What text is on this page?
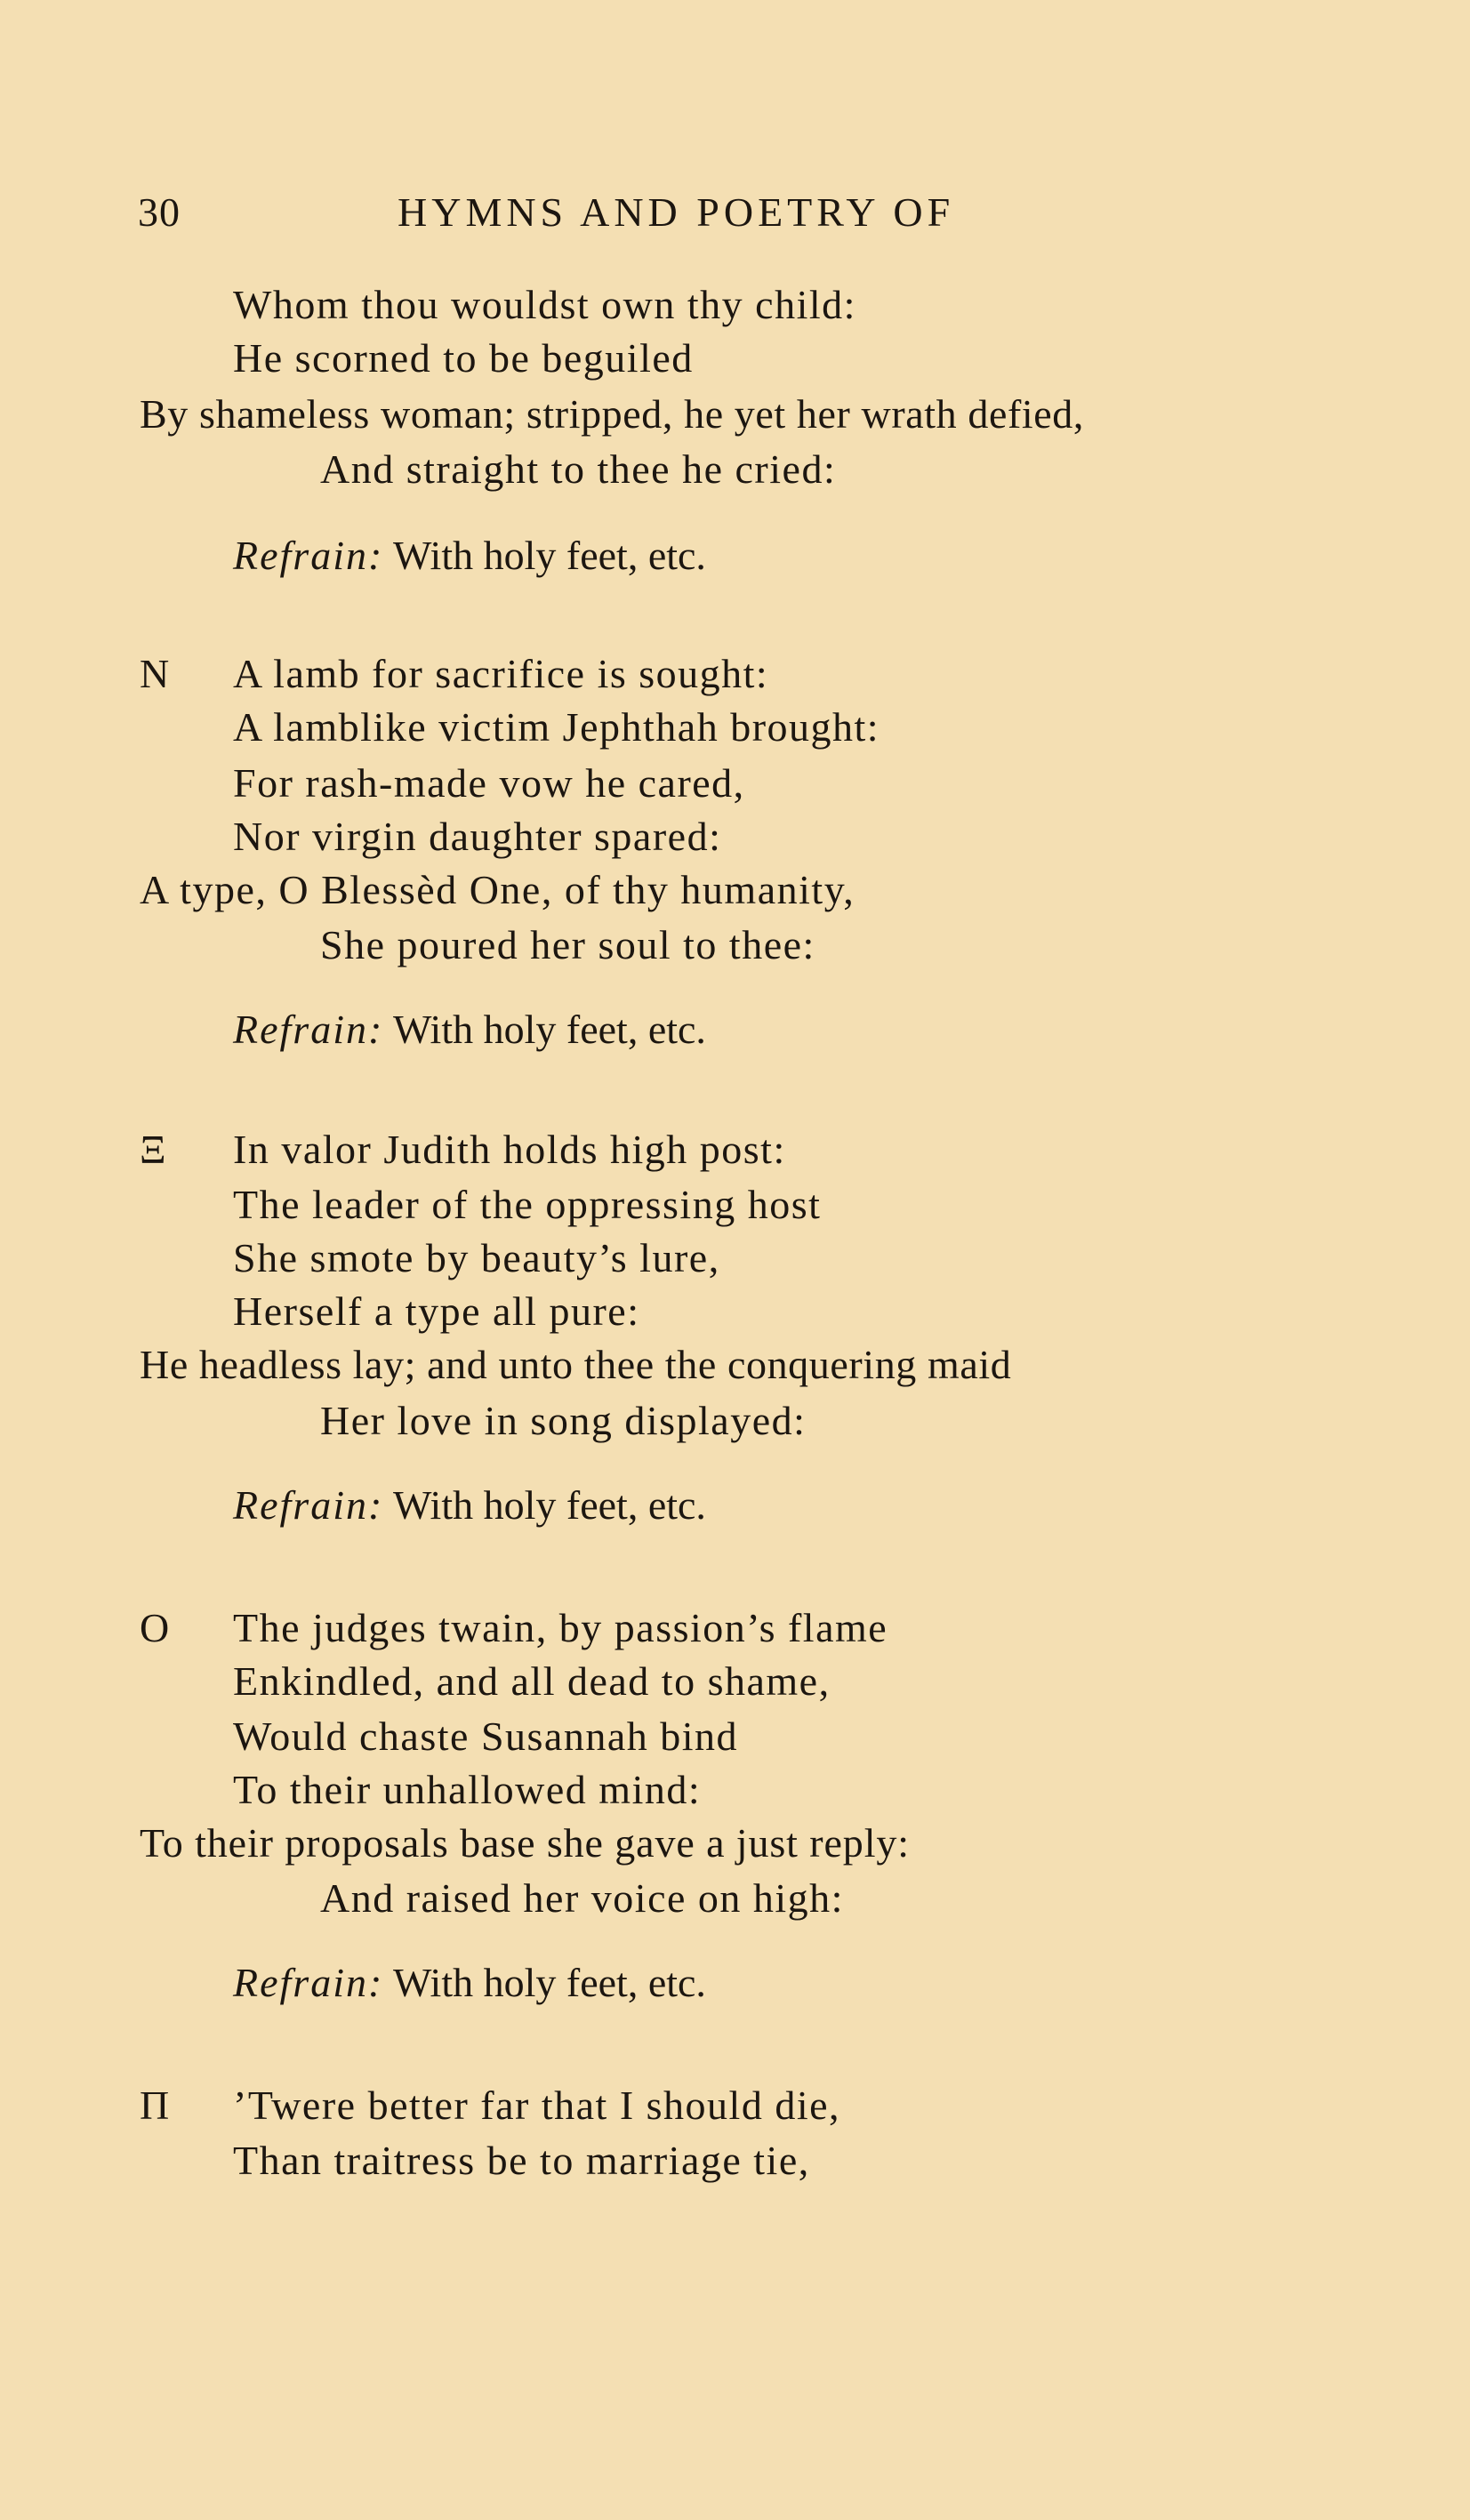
30	HYMNS AND POETRY OF
Whom thou wouldst own thy child:
He scorned to be beguiled
By shameless woman; stripped, he yet her wrath defied,
And straight to thee he cried:
Refrain: With holy feet, etc.
N A lamb for sacrifice is sought:
A lamblike victim Jephthah brought:
For rash-made vow he cared,
Nor virgin daughter spared:
A type, O Blessèd One, of thy humanity,
She poured her soul to thee:
Refrain: With holy feet, etc.
Ξ In valor Judith holds high post:
The leader of the oppressing host
She smote by beauty’s lure,
Herself a type all pure:
He headless lay; and unto thee the conquering maid
Her love in song displayed:
Refrain: With holy feet, etc.
O The judges twain, by passion’s flame
Enkindled, and all dead to shame,
Would chaste Susannah bind
To their unhallowed mind:
To their proposals base she gave a just reply:
And raised her voice on high:
Refrain: With holy feet, etc.
Π ’Twere better far that I should die,
Than traitress be to marriage tie,
